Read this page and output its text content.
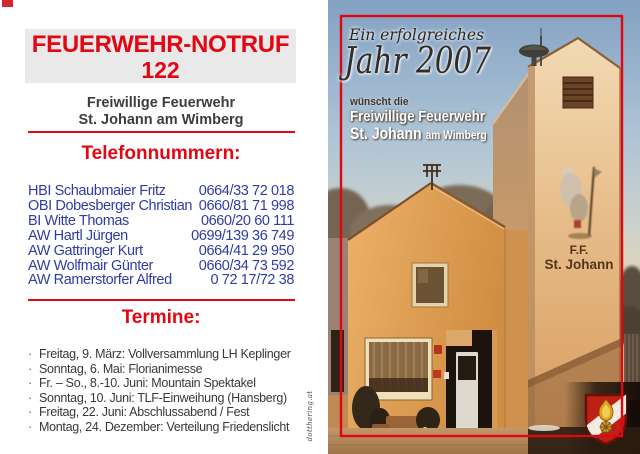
FEUERWEHR-NOTRUF
122
Freiwillige Feuerwehr
St. Johann am Wimberg
Telefonnummern:
HBI Schaubmaier Fritz 0664/33 72 018
OBI Dobesberger Christian 0660/81 71 998
BI Witte Thomas	0660/20 60 111
AW Hartl Jürgen	0699/139 36 749
AW Gattringer Kurt	0664/41 29 950
AW Wolfmair Günter	0660/34 73 592
AW Ramerstorfer Alfred	0 72 17/72 38
Termine:
· Freitag, 9. März: Vollversammlung LH Keplinger
· Sonntag, 6. Mai: Florianimesse
· Fr. – So., 8.-10. Juni: Mountain Spektakel
· Sonntag, 10. Juni: TLF-Einweihung (Hansberg)
· Freitag, 22. Juni: Abschlussabend / Fest
· Montag, 24. Dezember: Verteilung Friedenslicht dotthering.at
F.F.
St. Johann
Ein erfolgreiches
Jahr 2007
wünscht die
Freiwillige Feuerwehr
St. Johann am Wimberg
